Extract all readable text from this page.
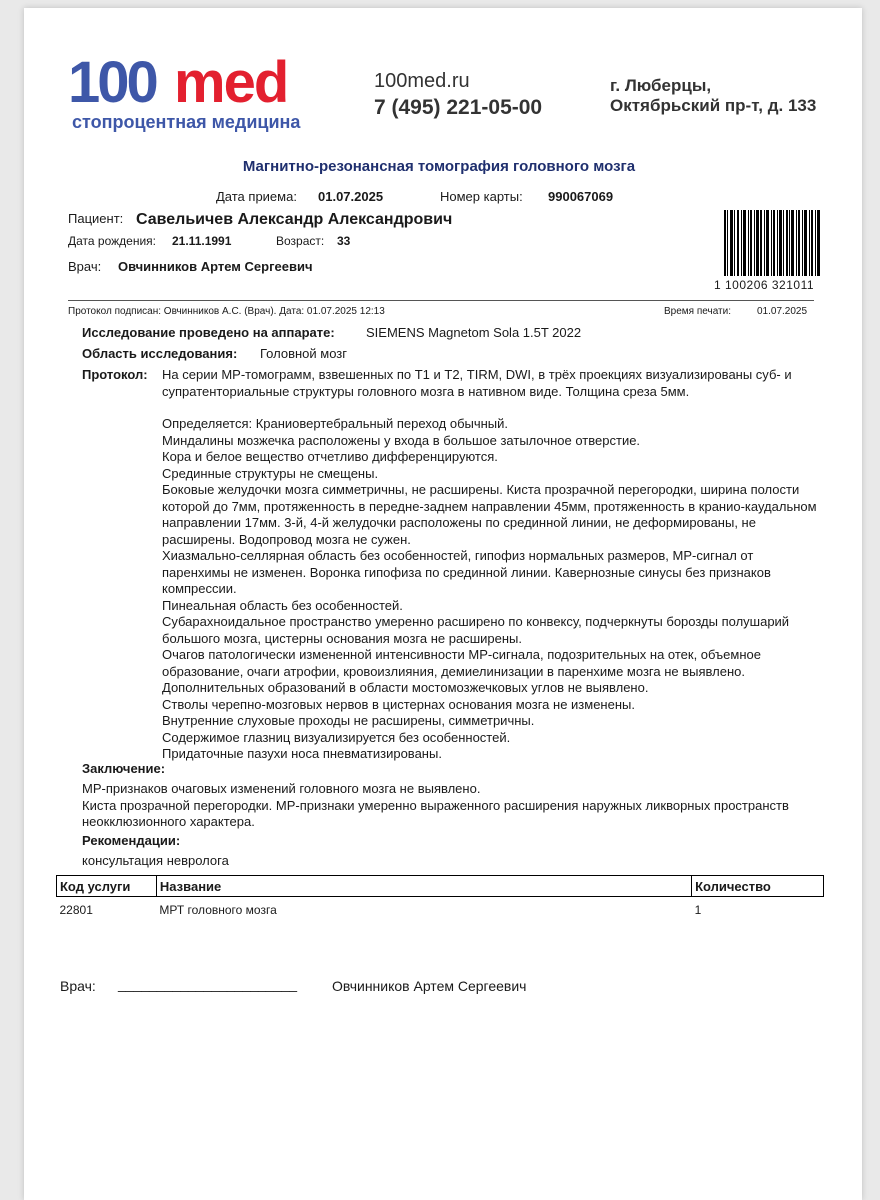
100 med
стопроцентная медицина
100med.ru
7 (495) 221-05-00
г. Люберцы,
Октябрьский пр-т, д. 133
Магнитно-резонансная томография головного мозга
Дата приема: 01.07.2025	Номер карты: 990067069
Пациент: Савельичев Александр Александрович
Дата рождения: 21.11.1991	Возраст: 33
Врач: Овчинников Артем Сергеевич
1 100206 321011
Протокол подписан: Овчинников А.С. (Врач). Дата: 01.07.2025 12:13	Время печати:	01.07.2025
Исследование проведено на аппарате: SIEMENS Magnetom Sola 1.5T 2022
Область исследования: Головной мозг
Протокол: На серии МР-томограмм, взвешенных по Т1 и Т2, TIRM, DWI, в трёх проекциях визуализированы суб- и супратенториальные структуры головного мозга в нативном виде. Толщина среза 5мм.
Определяется: Краниовертебральный переход обычный.
Миндалины мозжечка расположены у входа в большое затылочное отверстие.
Кора и белое вещество отчетливо дифференцируются.
Срединные структуры не смещены.
Боковые желудочки мозга симметричны, не расширены. Киста прозрачной перегородки, ширина полости которой до 7мм, протяженность в передне-заднем направлении 45мм, протяженность в кранио-каудальном направлении 17мм. 3-й, 4-й желудочки расположены по срединной линии, не деформированы, не расширены. Водопровод мозга не сужен.
Хиазмально-селлярная область без особенностей, гипофиз нормальных размеров, МР-сигнал от паренхимы не изменен. Воронка гипофиза по срединной линии. Кавернозные синусы без признаков компрессии.
Пинеальная область без особенностей.
Субарахноидальное пространство умеренно расширено по конвексу, подчеркнуты борозды полушарий большого мозга, цистерны основания мозга не расширены.
Очагов патологически измененной интенсивности МР-сигнала, подозрительных на отек, объемное образование, очаги атрофии, кровоизлияния, демиелинизации в паренхиме мозга не выявлено.
Дополнительных образований в области мостомозжечковых углов не выявлено.
Стволы черепно-мозговых нервов в цистернах основания мозга не изменены.
Внутренние слуховые проходы не расширены, симметричны.
Содержимое глазниц визуализируется без особенностей.
Придаточные пазухи носа пневматизированы.
Заключение:
МР-признаков очаговых изменений головного мозга не выявлено.
Киста прозрачной перегородки. МР-признаки умеренно выраженного расширения наружных ликворных пространств неокклюзионного характера.
Рекомендации:
консультация невролога
Код услуги	Название	Количество
22801	МРТ головного мозга	1
Врач: _______________________ Овчинников Артем Сергеевич
